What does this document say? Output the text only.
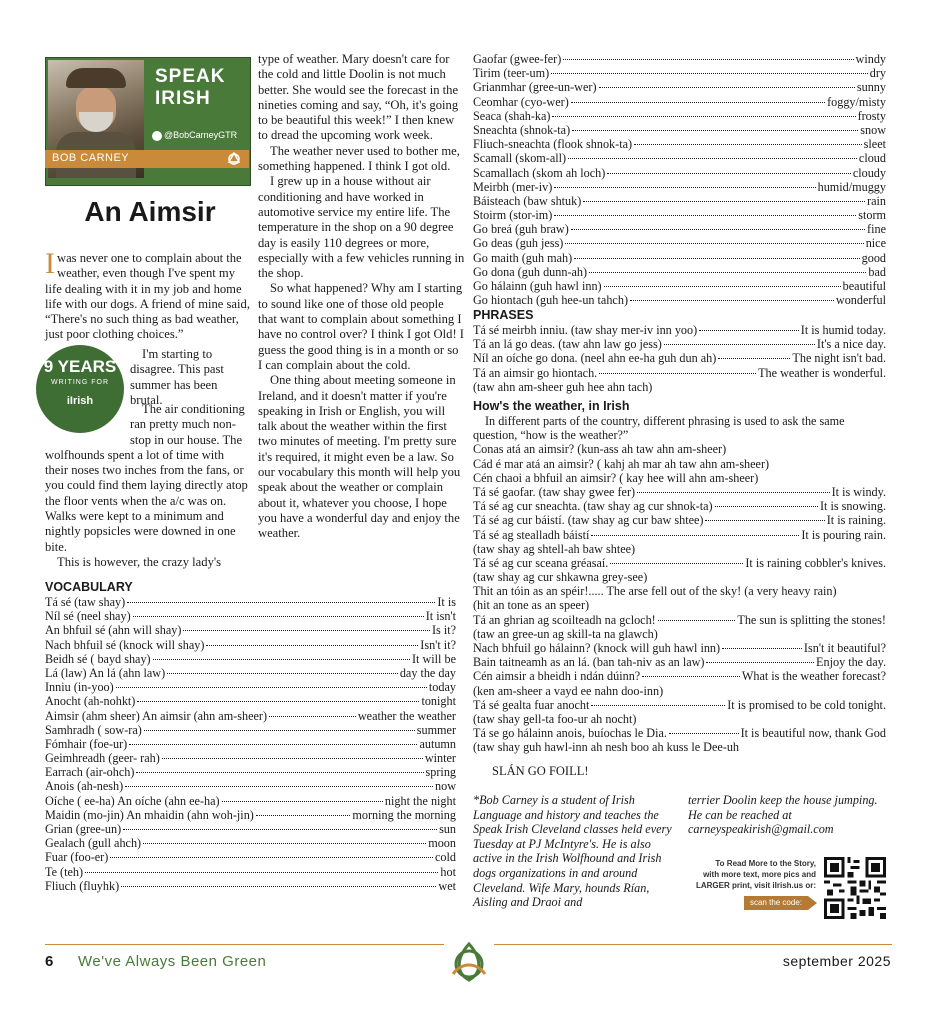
SPEAK IRISH
@BobCarneyGTR
BOB CARNEY
An Aimsir
Iwas never one to complain about the weather, even though I've spent my life dealing with it in my job and home life with our dogs. A friend of mine said, “There's no such thing as bad weather, just poor clothing choices.”
9 YEARS
WRITING FOR
iIrish

I'm starting to disagree. This past summer has been brutal.

The air conditioning ran pretty much non-stop in our house. The wolfhounds spent a lot of time with their noses two inches from the fans, or you could find them laying directly atop the floor vents when the a/c was on. Walks were kept to a minimum and nightly popsicles were downed in one bite.

This is however, the crazy lady's

type of weather. Mary doesn't care for the cold and little Doolin is not much better. She would see the forecast in the nineties coming and say, “Oh, it's going to be beautiful this week!” I then knew to dread the upcoming work week.

The weather never used to bother me, something happened. I think I got old.

I grew up in a house without air conditioning and have worked in automotive service my entire life. The temperature in the shop on a 90 degree day is easily 110 degrees or more, especially with a few vehicles running in the shop.

So what happened? Why am I starting to sound like one of those old people that want to complain about something I have no control over? I think I got Old! I guess the good thing is in a month or so I can complain about the cold.

One thing about meeting someone in Ireland, and it doesn't matter if you're speaking in Irish or English, you will talk about the weather within the first two minutes of meeting. I'm pretty sure it's required, it might even be a law. So our vocabulary this month will help you speak about the weather or complain about it, whatever you choose, I hope you have a wonderful day and enjoy the weather.

VOCABULARY
Tá sé (taw shay)	It is
Níl sé (neel shay)	It isn't
An bhfuil sé (ahn will shay)	Is it?
Nach bhfuil sé (knock will shay)	Isn't it?
Beidh sé ( bayd shay)	It will be
Lá (law) An lá (ahn law)	day the day
Inniu (in-yoo)	today
Anocht (ah-nohkt)	tonight
Aimsir (ahm sheer) An aimsir (ahn am-sheer)	weather the weather
Samhradh ( sow-ra)	summer
Fómhair (foe-ur)	autumn
Geimhreadh (geer- rah)	winter
Earrach (air-ohch)	spring
Anois (ah-nesh)	now
Oíche ( ee-ha) An oíche (ahn ee-ha)	night the night
Maidin (mo-jin) An mhaidin (ahn woh-jin)	morning the morning
Grian (gree-un)	sun
Gealach (gull ahch)	moon
Fuar (foo-er)	cold
Te (teh)	hot
Fliuch (fluyhk)	wet
Gaofar (gwee-fer)	windy
Tirim (teer-um)	dry
Grianmhar (gree-un-wer)	sunny
Ceomhar (cyo-wer)	foggy/misty
Seaca (shah-ka)	frosty
Sneachta (shnok-ta)	snow
Fliuch-sneachta (flook shnok-ta)	sleet
Scamall (skom-all)	cloud
Scamallach (skom ah loch)	cloudy
Meirbh (mer-iv)	humid/muggy
Báisteach (baw shtuk)	rain
Stoirm (stor-im)	storm
Go breá (guh braw)	fine
Go deas (guh jess)	nice
Go maith (guh mah)	good
Go dona (guh dunn-ah)	bad
Go hálainn (guh hawl inn)	beautiful
Go hiontach (guh hee-un tahch)	wonderful
PHRASES
Tá sé meirbh inniu. (taw shay mer-iv inn yoo)	It is humid today.
Tá an lá go deas. (taw ahn law go jess)	It's a nice day.
Níl an oíche go dona. (neel ahn ee-ha guh dun ah)	The night isn't bad.
Tá an aimsir go hiontach.	The weather is wonderful.
(taw ahn am-sheer guh hee ahn tach)
How's the weather, in Irish
In different parts of the country, different phrasing is used to ask the same question, “how is the weather?”
Conas atá an aimsir? (kun-ass ah taw ahn am-sheer)
Cád é mar atá an aimsir? ( kahj ah mar ah taw ahn am-sheer)
Cén chaoi a bhfuil an aimsir? ( kay hee will ahn am-sheer)
Tá sé gaofar. (taw shay gwee fer)	It is windy.
Tá sé ag cur sneachta. (taw shay ag cur shnok-ta)	It is snowing.
Tá sé ag cur báistí. (taw shay ag cur baw shtee)	It is raining.
Tá sé ag stealladh báistí	It is pouring rain.
(taw shay ag shtell-ah baw shtee)
Tá sé ag cur sceana gréasaí.	It is raining cobbler's knives.
(taw shay ag cur shkawna grey-see)
Thit an tóin as an spéir!..... The arse fell out of the sky! (a very heavy rain)
(hit an tone as an speer)
Tá an ghrian ag scoilteadh na gcloch!	The sun is splitting the stones!
(taw an gree-un ag skill-ta na glawch)
Nach bhfuil go hálainn? (knock will guh hawl inn)	Isn't it beautiful?
Bain taitneamh as an lá. (ban tah-niv as an law)	Enjoy the day.
Cén aimsir a bheidh i ndán dúinn?	What is the weather forecast?
(ken am-sheer a vayd ee nahn doo-inn)
Tá sé gealta fuar anocht	It is promised to be cold tonight.
(taw shay gell-ta foo-ur ah nocht)
Tá se go hálainn anois, buíochas le Dia.	It is beautiful now, thank God
(taw shay guh hawl-inn ah nesh boo ah kuss le Dee-uh
SLÁN GO FOILL!
*Bob Carney is a student of Irish Language and history and teaches the Speak Irish Cleveland classes held every Tuesday at PJ McIntyre's. He is also active in the Irish Wolfhound and Irish dogs organizations in and around Cleveland. Wife Mary, hounds Rían, Aisling and Draoi and
terrier Doolin keep the house jumping. He can be reached at carneyspeakirish@gmail.com
To Read More to the Story,
with more text, more pics and
LARGER print, visit iIrish.us or:
scan the code:
6 We've Always Been Green	september 2025
